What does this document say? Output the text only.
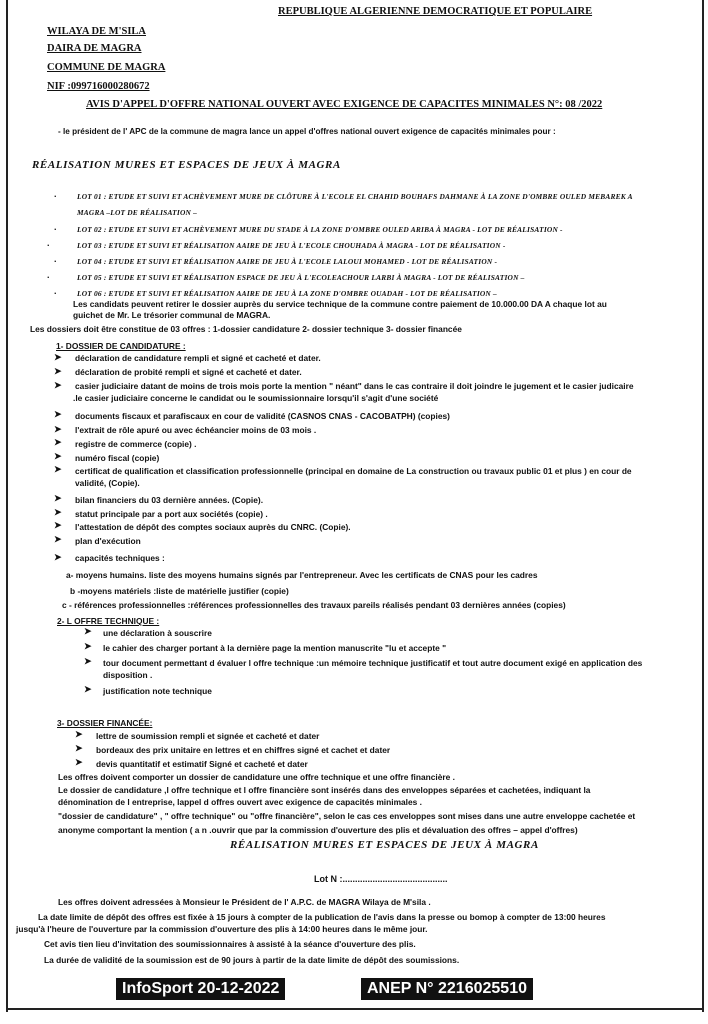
REPUBLIQUE ALGERIENNE DEMOCRATIQUE ET POPULAIRE
WILAYA DE M'SILA
DAIRA DE MAGRA
COMMUNE DE MAGRA
NIF :099716000280672
AVIS D'APPEL D'OFFRE NATIONAL OUVERT AVEC EXIGENCE DE CAPACITES MINIMALES N°: 08 /2022
- le président de l' APC de la commune de magra lance un appel d'offres national ouvert exigence de capacités minimales pour :
RÉALISATION MURES ET ESPACES DE JEUX À MAGRA
.	LOT 01 : ETUDE ET SUIVI ET ACHÈVEMENT MURE DE CLÔTURE À L'ECOLE EL CHAHID BOUHAFS DAHMANE À LA ZONE D'OMBRE OULED MEBAREK A
MAGRA –LOT DE RÉALISATION –
.	LOT 02 : ETUDE ET SUIVI ET ACHÈVEMENT MURE DU STADE À LA ZONE D'OMBRE OULED ARIBA À MAGRA - LOT DE RÉALISATION -
.	LOT 03 : ETUDE ET SUIVI ET RÉALISATION AAIRE DE JEU À L'ECOLE CHOUHADA À MAGRA - LOT DE RÉALISATION -
.	LOT 04 : ETUDE ET SUIVI ET RÉALISATION AAIRE DE JEU À L'ECOLE LALOUI MOHAMED - LOT DE RÉALISATION -
.	LOT 05 : ETUDE ET SUIVI ET RÉALISATION ESPACE DE JEU À L'ECOLEACHOUR LARBI À MAGRA - LOT DE RÉALISATION –
.	LOT 06 : ETUDE ET SUIVI ET RÉALISATION AAIRE DE JEU À LA ZONE D'OMBRE OUADAH - LOT DE RÉALISATION –
Les candidats peuvent retirer le dossier auprès du service technique de la commune contre paiement de 10.000.00 DA A chaque lot au
guichet de Mr. Le trésorier communal de MAGRA.
Les dossiers doit être constitue de 03 offres : 1-dossier candidature 2- dossier technique 3- dossier financée
1- DOSSIER DE CANDIDATURE :
➤ déclaration de candidature rempli et signé et cacheté et dater.
➤ déclaration de probité rempli et signé et cacheté et dater.
➤ casier judiciaire datant de moins de trois mois porte la mention " néant" dans le cas contraire il doit joindre le jugement et le casier judicaire
.le casier judiciaire concerne le candidat ou le soumissionnaire lorsqu'il s'agit d'une société
➤ documents fiscaux et parafiscaux en cour de validité (CASNOS CNAS - CACOBATPH) (copies)
➤ l'extrait de rôle apuré ou avec échéancier moins de 03 mois .
➤ registre de commerce (copie) .
➤ numéro fiscal (copie)
➤ certificat de qualification et classification professionnelle (principal en domaine de La construction ou travaux public 01 et plus ) en cour de
validité, (Copie).
➤ bilan financiers du 03 dernière années. (Copie).
➤ statut principale par a port aux sociétés (copie) .
➤ l'attestation de dépôt des comptes sociaux auprès du CNRC. (Copie).
➤ plan d'exécution
➤ capacités techniques :
a- moyens humains. liste des moyens humains signés par l'entrepreneur. Avec les certificats de CNAS pour les cadres
b -moyens matériels :liste de matérielle justifier (copie)
c - références professionnelles :références professionnelles des travaux pareils réalisés pendant 03 dernières années (copies)
2- L OFFRE TECHNIQUE :
➤ une déclaration à souscrire
➤ le cahier des charger portant à la dernière page la mention manuscrite "lu et accepte "
➤ tour document permettant d évaluer l offre technique :un mémoire technique justificatif et tout autre document exigé en application des
disposition .
➤ justification note technique
3- DOSSIER FINANCÉE:
➤ lettre de soumission rempli et signée et cacheté et dater
➤ bordeaux des prix unitaire en lettres et en chiffres signé et cachet et dater
➤ devis quantitatif et estimatif Signé et cacheté et dater
Les offres doivent comporter un dossier de candidature une offre technique et une offre financière .
Le dossier de candidature ,l offre technique et l offre financière sont insérés dans des enveloppes séparées et cachetées, indiquant la
dénomination de l entreprise, lappel d offres ouvert avec exigence de capacités minimales .
"dossier de candidature" , " offre technique" ou "offre financière", selon le cas ces enveloppes sont mises dans une autre enveloppe cachetée et
anonyme comportant la mention ( a n .ouvrir que par la commission d'ouverture des plis et dévaluation des offres – appel d'offres)
RÉALISATION MURES ET ESPACES DE JEUX À MAGRA
Lot N :..........................................
Les offres doivent adressées à Monsieur le Président de l' A.P.C. de MAGRA Wilaya de M'sila .
La date limite de dépôt des offres est fixée à 15 jours à compter de la publication de l'avis dans la presse ou bomop à compter de 13:00 heures
jusqu'à l'heure de l'ouverture par la commission d'ouverture des plis à 14:00 heures dans le même jour.
Cet avis tien lieu d'invitation des soumissionnaires à assisté à la séance d'ouverture des plis.
La durée de validité de la soumission est de 90 jours à partir de la date limite de dépôt des soumissions.
InfoSport 20-12-2022	ANEP N° 2216025510
